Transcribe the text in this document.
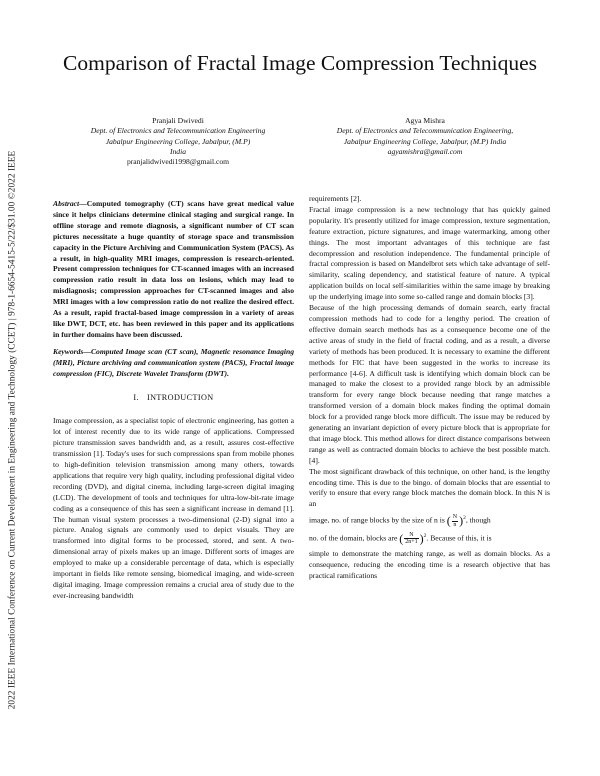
2022 IEEE International Conference on Current Development in Engineering and Technology (CCET) | 978-1-6654-5415-5/22/$31.00 ©2022 IEEE
Comparison of Fractal Image Compression Techniques
Pranjali Dwivedi
Dept. of Electronics and Telecommunication Engineering
Jabalpur Engineering College, Jabalpur, (M.P)
India
pranjalidwivedi1998@gmail.com
Agya Mishra
Dept. of Electronics and Telecommunication Engineering,
Jabalpur Engineering College, Jabalpur, (M.P) India
agyamishra@gmail.com

Abstract—Computed tomography (CT) scans have great medical value since it helps clinicians determine clinical staging and surgical range. In offline storage and remote diagnosis, a significant number of CT scan pictures necessitate a huge quantity of storage space and transmission capacity in the Picture Archiving and Communication System (PACS). As a result, in high-quality MRI images, compression is research-oriented. Present compression techniques for CT-scanned images with an increased compression ratio result in data loss on lesions, which may lead to misdiagnosis; compression approaches for CT-scanned images and also MRI images with a low compression ratio do not realize the desired effect. As a result, rapid fractal-based image compression in a variety of areas like DWT, DCT, etc. has been reviewed in this paper and its applications in further domains have been discussed.

Keywords—Computed Image scan (CT scan), Magnetic resonance Imaging (MRI), Picture archiving and communication system (PACS), Fractal image compression (FIC), Discrete Wavelet Transform (DWT).

I. INTRODUCTION

Image compression, as a specialist topic of electronic engineering, has gotten a lot of interest recently due to its wide range of applications. Compressed picture transmission saves bandwidth and, as a result, assures cost-effective transmission [1]. Today's uses for such compressions span from mobile phones to high-definition television transmission among many others, towards applications that require very high quality, including professional digital video recording (DVD), and digital cinema, including large-screen digital imaging (LCD). The development of tools and techniques for ultra-low-bit-rate image coding as a consequence of this has seen a significant increase in demand [1]. The human visual system processes a two-dimensional (2-D) signal into a picture. Analog signals are commonly used to depict visuals. They are transformed into digital forms to be processed, stored, and sent. A two-dimensional array of pixels makes up an image. Different sorts of images are employed to make up a considerable percentage of data, which is especially important in fields like remote sensing, biomedical imaging, and wide-screen digital imaging. Image compression remains a crucial area of study due to the ever-increasing bandwidth

requirements [2].

Fractal image compression is a new technology that has quickly gained popularity. It's presently utilized for image compression, texture segmentation, feature extraction, picture signatures, and image watermarking, among other things. The most important advantages of this technique are fast decompression and resolution independence. The fundamental principle of fractal compression is based on Mandelbrot sets which take advantage of self-similarity, scaling dependency, and statistical feature of nature. A typical application builds on local self-similarities within the same image by breaking up the underlying image into some so-called range and domain blocks [3].

Because of the high processing demands of domain search, early fractal compression methods had to code for a lengthy period. The creation of effective domain search methods has as a consequence become one of the active areas of study in the field of fractal coding, and as a result, a diverse variety of methods has been produced. It is necessary to examine the different methods for FIC that have been suggested in the works to increase its performance [4-6]. A difficult task is identifying which domain block can be managed to make the closest to a provided range block by an admissible transform for every range block because needing that range matches a transformed version of a domain block makes finding the optimal domain block for a provided range block more difficult. The issue may be reduced by generating an invariant depiction of every picture block that is appropriate for that image block. This method allows for direct distance comparisons between range as well as contracted domain blocks to achieve the best possible match. [4].

The most significant drawback of this technique, on other hand, is the lengthy encoding time. This is due to the bingo. of domain blocks that are essential to verify to ensure that every range block matches the domain block. In this N is an

image, no. of range blocks by the size of n is ( $\frac{N}{n} )^2$, though

no. of the domain, blocks are ( $\frac{N}{2n+1} )^2$. Because of this, it is

simple to demonstrate the matching range, as well as domain blocks. As a consequence, reducing the encoding time is a research objective that has practical ramifications
